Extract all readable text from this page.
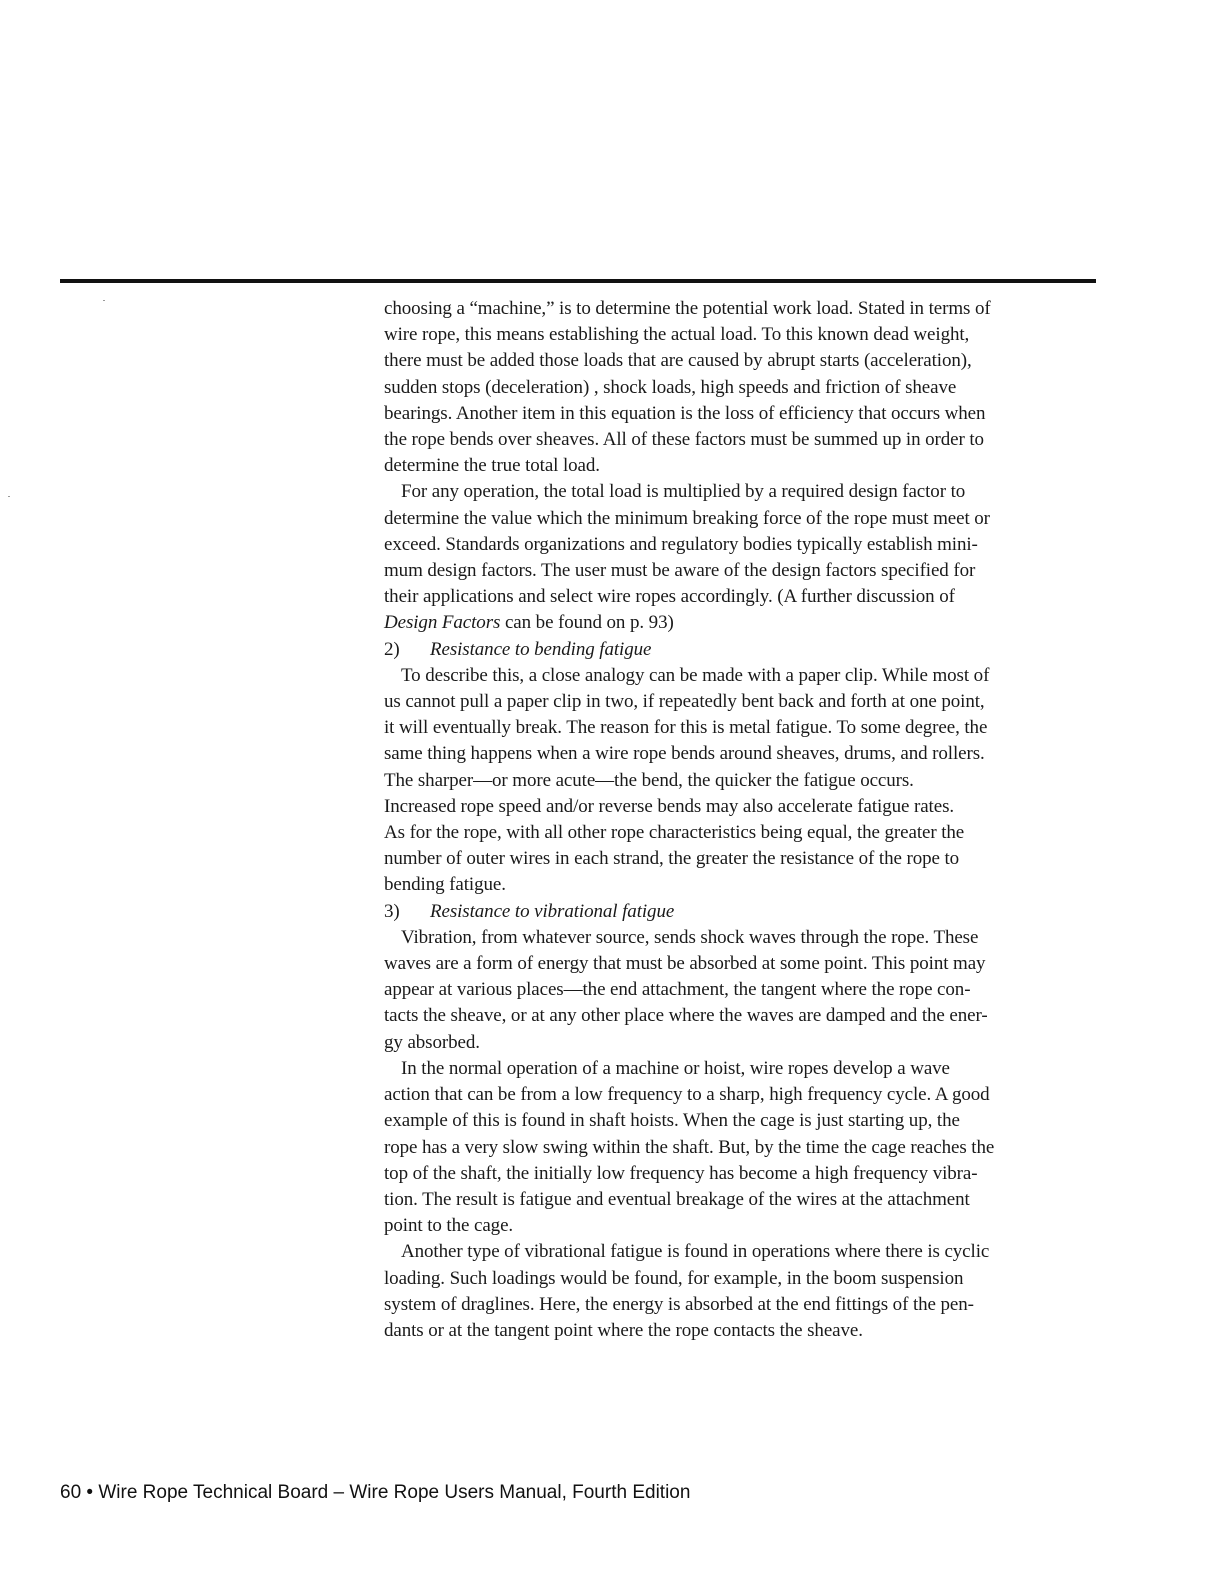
choosing a “machine,” is to determine the potential work load. Stated in terms of
wire rope, this means establishing the actual load. To this known dead weight,
there must be added those loads that are caused by abrupt starts (acceleration),
sudden stops (deceleration) , shock loads, high speeds and friction of sheave
bearings. Another item in this equation is the loss of efficiency that occurs when
the rope bends over sheaves. All of these factors must be summed up in order to
determine the true total load.
For any operation, the total load is multiplied by a required design factor to
determine the value which the minimum breaking force of the rope must meet or
exceed. Standards organizations and regulatory bodies typically establish mini-
mum design factors. The user must be aware of the design factors specified for
their applications and select wire ropes accordingly. (A further discussion of
Design Factors can be found on p. 93)
2) Resistance to bending fatigue
To describe this, a close analogy can be made with a paper clip. While most of
us cannot pull a paper clip in two, if repeatedly bent back and forth at one point,
it will eventually break. The reason for this is metal fatigue. To some degree, the
same thing happens when a wire rope bends around sheaves, drums, and rollers.
The sharper—or more acute—the bend, the quicker the fatigue occurs.
Increased rope speed and/or reverse bends may also accelerate fatigue rates.
As for the rope, with all other rope characteristics being equal, the greater the
number of outer wires in each strand, the greater the resistance of the rope to
bending fatigue.
3) Resistance to vibrational fatigue
Vibration, from whatever source, sends shock waves through the rope. These
waves are a form of energy that must be absorbed at some point. This point may
appear at various places—the end attachment, the tangent where the rope con-
tacts the sheave, or at any other place where the waves are damped and the ener-
gy absorbed.
In the normal operation of a machine or hoist, wire ropes develop a wave
action that can be from a low frequency to a sharp, high frequency cycle. A good
example of this is found in shaft hoists. When the cage is just starting up, the
rope has a very slow swing within the shaft. But, by the time the cage reaches the
top of the shaft, the initially low frequency has become a high frequency vibra-
tion. The result is fatigue and eventual breakage of the wires at the attachment
point to the cage.
Another type of vibrational fatigue is found in operations where there is cyclic
loading. Such loadings would be found, for example, in the boom suspension
system of draglines. Here, the energy is absorbed at the end fittings of the pen-
dants or at the tangent point where the rope contacts the sheave.
60 • Wire Rope Technical Board – Wire Rope Users Manual, Fourth Edition
